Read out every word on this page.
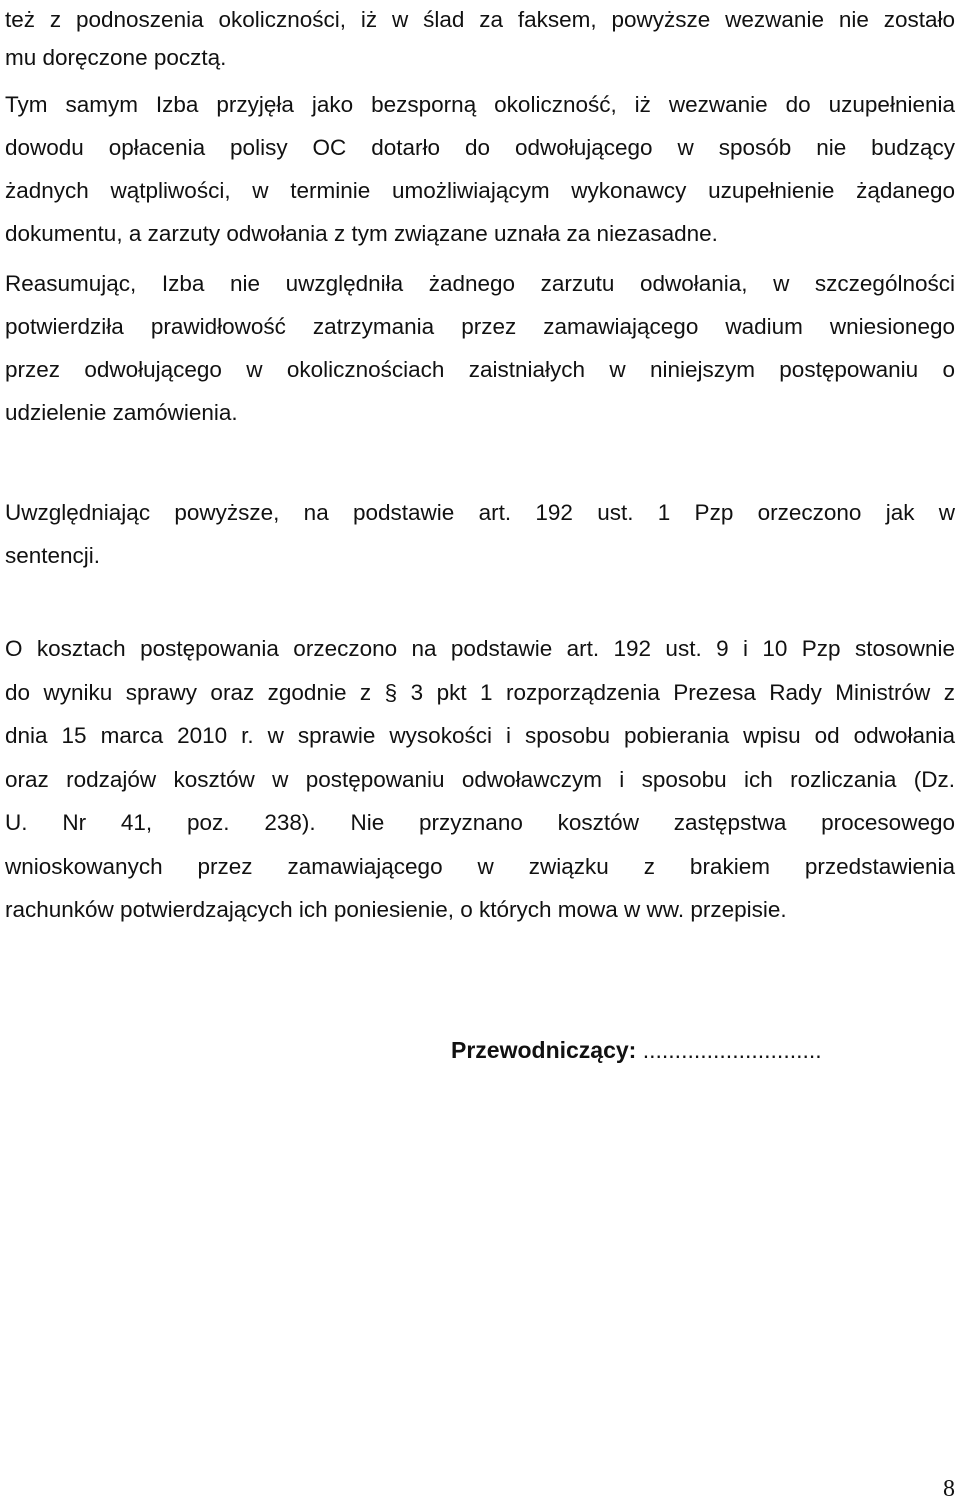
też z podnoszenia okoliczności, iż w ślad za faksem, powyższe wezwanie nie zostało
mu doręczone pocztą.
Tym samym Izba przyjęła jako bezsporną okoliczność, iż wezwanie do uzupełnienia
dowodu opłacenia polisy OC dotarło do odwołującego w sposób nie budzący
żadnych wątpliwości, w terminie umożliwiającym wykonawcy uzupełnienie żądanego
dokumentu, a zarzuty odwołania z tym związane uznała za niezasadne.
Reasumując, Izba nie uwzględniła żadnego zarzutu odwołania, w szczególności
potwierdziła prawidłowość zatrzymania przez zamawiającego wadium wniesionego
przez odwołującego w okolicznościach zaistniałych w niniejszym postępowaniu o
udzielenie zamówienia.
Uwzględniając powyższe, na podstawie art. 192 ust. 1 Pzp orzeczono jak w
sentencji.
O kosztach postępowania orzeczono na podstawie art. 192 ust. 9 i 10 Pzp stosownie
do wyniku sprawy oraz zgodnie z § 3 pkt 1 rozporządzenia Prezesa Rady Ministrów z
dnia 15 marca 2010 r. w sprawie wysokości i sposobu pobierania wpisu od odwołania
oraz rodzajów kosztów w postępowaniu odwoławczym i sposobu ich rozliczania (Dz.
U. Nr 41, poz. 238). Nie przyznano kosztów zastępstwa procesowego
wnioskowanych przez zamawiającego w związku z brakiem przedstawienia
rachunków potwierdzających ich poniesienie, o których mowa w ww. przepisie.
Przewodniczący: ............................
8
